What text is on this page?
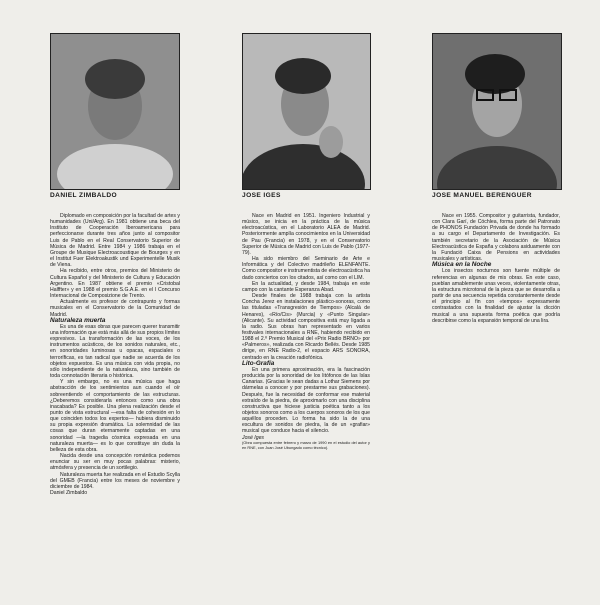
DANIEL ZIMBALDO

Diplomado en composición por la facultad de artes y humanidades (Uni/Arg). En 1981 obtiene una beca del Instituto de Cooperación Iberoamericana para perfeccionarse durante tres años junto al compositor Luis de Pablo en el Real Conservatorio Superior de Música de Madrid. Entre 1984 y 1986 trabaja en el Groupe de Musique Electroacoustique de Bourges y en el Institut Fuer Elektroakustik und Experimentelle Musik de Viena.

Ha recibido, entre otros, premios del Ministerio de Cultura Español y del Ministerio de Cultura y Educación Argentino. En 1987 obtiene el premio «Cristobal Halffter» y en 1988 el premio S.G.A.E. en el I Concurso Internacional de Composizione de Trento.

Actualmente es profesor de contrapunto y formas musicales en el Conservatorio de la Comunidad de Madrid.

Naturaleza muerta

Es una de esas obras que parecen querer transmitir una información que está más allá de sus propios límites expresivos. La transformación de las voces, de los instrumentos acústicos, de los sonidos naturales, etc., en sonoridades luminosas u opacas, espaciales o terroríficas, es tan radical que nadie se acuerda de los objetos expuestos. Es una música con vida propia, no sólo independiente de la naturaleza, sino también de toda connotación literaria o histórica.

Y sin embargo, no es una música que haga abstracción de los sentimientos aun cuando el oír sobreentiendo el comportamiento de las estructuras. ¿Deberemos considerarla entonces como una obra inacabada? Es posible. Una plena realización desde el punto de vista estructural —esa falta de cohesión en lo que coinciden todos los expertos— hubiera disminuido su propia expresión dramática. La solemnidad de las cosas que duran eternamente captadas en una sonoridad —la tragedia cósmica expresada en una naturaleza muerta— es lo que constituye sin duda la belleza de esta obra.

Nacida desde una concepción romántica podemos enunciar su ser en muy pocas palabras: misterio, atmósfera y presencia de un sortilegio.

Naturaleza muerta fue realizada en el Estudio Scylla del GMEB (Francia) entre los meses de noviembre y diciembre de 1984.

Daniel Zimbaldo

JOSE IGES

Nace en Madrid en 1951. Ingeniero Industrial y músico, se inicia en la práctica de la música electroacústica, en el Laboratorio ALEA de Madrid. Posteriormente amplía conocimientos en la Universidad de Pau (Francia) en 1978, y en el Conservatorio Superior de Música de Madrid con Luis de Pablo (1977-79).

Ha sido miembro del Seminario de Arte e Informática y del Colectivo madrileño ELENFANTE. Como compositor e instrumentista de electroacústica ha dado conciertos con los citados, así como con el LIM.

En la actualidad, y desde 1984, trabaja en este campo con la cantante Esperanza Abad.

Desde finales de 1988 trabaja con la artista Concha Jerez en instalaciones plástico-sonoras, como las tituladas «Transgresión de Tiempos» (Alcalá de Henares), «Río/Cis» (Murcia) y «Punto Singular» (Alicante). Su actividad compositiva está muy ligada a la radio. Sus obras han representado en varios festivales internacionales a RNE, habiendo recibido en 1988 el 2.º Premio Musical del «Prix Radio BRNO» por «Palmeros», realizada con Ricardo Bellés. Desde 1985 dirige, en RNE Radio-2, el espacio ARS SONORA, centrado en la creación radiofónica.

Lito-Grafía

En una primera aproximación, era la fascinación producida por la sonoridad de los litófonos de las Islas Canarias. (Gracias le sean dadas a Lothar Siemens por dármelas a conocer y por prestarme sus grabaciones). Después, fue la necesidad de conformar ese material extraído de la piedra, de aproximarlo con una disciplina constructiva que hiciese justicia poética tanto a los objetos sonoros como a los cuerpos sonoros de los que aquéllos proceden. Lo forma ha sido la de una escultura de sonidos de piedra, la de un «grafiar» musical que conduce hacia el silencio.

José Iges

(Obra compuesta entre febrero y marzo de 1990 en el estudio del autor y en RNE, con Juan José Ubungado como técnico).

JOSE MANUEL BERENGUER

Nace en 1955. Compositor y guitarrista, fundador, con Clara Garí, de Cóchlea, forma parte del Patronato de PHONOS Fundación Privada de donde ha formado a su cargo el Departamento de Investigación. Es también secretario de la Asociación de Música Electroacústica de España y colabora asiduamente con la Fundació Caixa de Pensions en actividades musicales y artísticas.

Música en la Noche

Los insectos nocturnos son fuente múltiple de referencias en algunas de mis obras. En este caso, pueblan amablemente unas veces, violentamente otras, la estructura microtonal de la pieza que se desarrolla a partir de una secuencia repetida constantemente desde el principio al fin con «tempos» expresamente contrastados con la finalidad de ajustar la dicción musical a una supuesta forma poética que podría describirse como la expansión temporal de una lira.
